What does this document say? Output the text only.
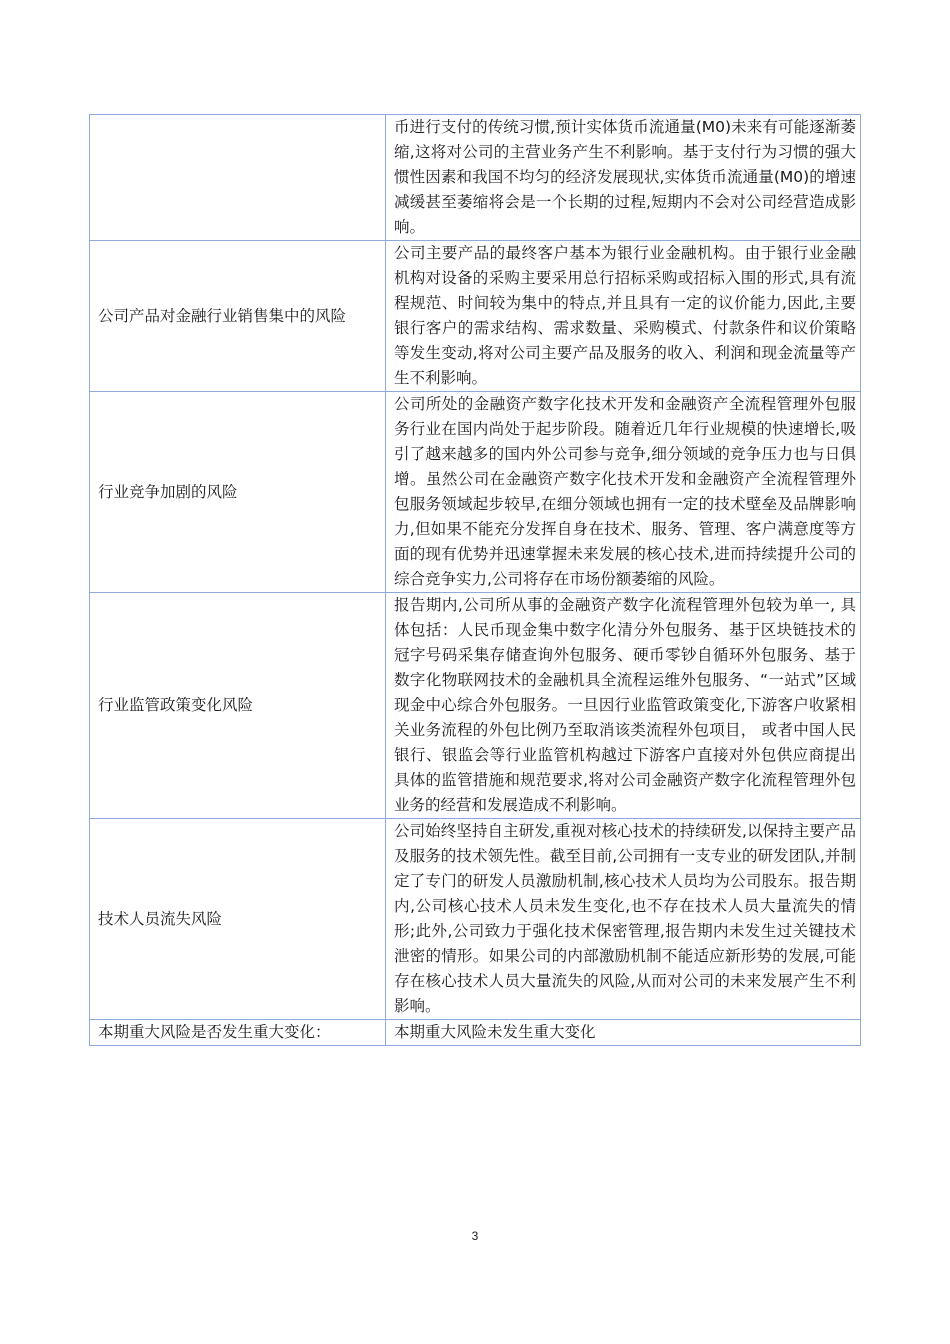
	币进行支付的传统习惯,预计实体货币流通量(M0)未来有可能逐渐萎缩,这将对公司的主营业务产生不利影响。基于支付行为习惯的强大惯性因素和我国不均匀的经济发展现状,实体货币流通量(M0)的增速减缓甚至萎缩将会是一个长期的过程,短期内不会对公司经营造成影响。
公司产品对金融行业销售集中的风险	公司主要产品的最终客户基本为银行业金融机构。由于银行业金融机构对设备的采购主要采用总行招标采购或招标入围的形式,具有流程规范、时间较为集中的特点,并且具有一定的议价能力,因此,主要银行客户的需求结构、需求数量、采购模式、付款条件和议价策略等发生变动,将对公司主要产品及服务的收入、利润和现金流量等产生不利影响。
行业竞争加剧的风险	公司所处的金融资产数字化技术开发和金融资产全流程管理外包服务行业在国内尚处于起步阶段。随着近几年行业规模的快速增长,吸引了越来越多的国内外公司参与竞争,细分领域的竞争压力也与日俱增。虽然公司在金融资产数字化技术开发和金融资产全流程管理外包服务领域起步较早,在细分领域也拥有一定的技术壁垒及品牌影响力,但如果不能充分发挥自身在技术、服务、管理、客户满意度等方面的现有优势并迅速掌握未来发展的核心技术,进而持续提升公司的综合竞争实力,公司将存在市场份额萎缩的风险。
行业监管政策变化风险	报告期内,公司所从事的金融资产数字化流程管理外包较为单一, 具体包括：人民币现金集中数字化清分外包服务、基于区块链技术的冠字号码采集存储查询外包服务、硬币零钞自循环外包服务、基于数字化物联网技术的金融机具全流程运维外包服务、“一站式”区域现金中心综合外包服务。一旦因行业监管政策变化,下游客户收紧相关业务流程的外包比例乃至取消该类流程外包项目， 或者中国人民银行、银监会等行业监管机构越过下游客户直接对外包供应商提出具体的监管措施和规范要求,将对公司金融资产数字化流程管理外包业务的经营和发展造成不利影响。
技术人员流失风险	公司始终坚持自主研发,重视对核心技术的持续研发,以保持主要产品及服务的技术领先性。截至目前,公司拥有一支专业的研发团队,并制定了专门的研发人员激励机制,核心技术人员均为公司股东。报告期内,公司核心技术人员未发生变化,也不存在技术人员大量流失的情形;此外,公司致力于强化技术保密管理,报告期内未发生过关键技术泄密的情形。如果公司的内部激励机制不能适应新形势的发展,可能存在核心技术人员大量流失的风险,从而对公司的未来发展产生不利影响。
本期重大风险是否发生重大变化：	本期重大风险未发生重大变化
3
